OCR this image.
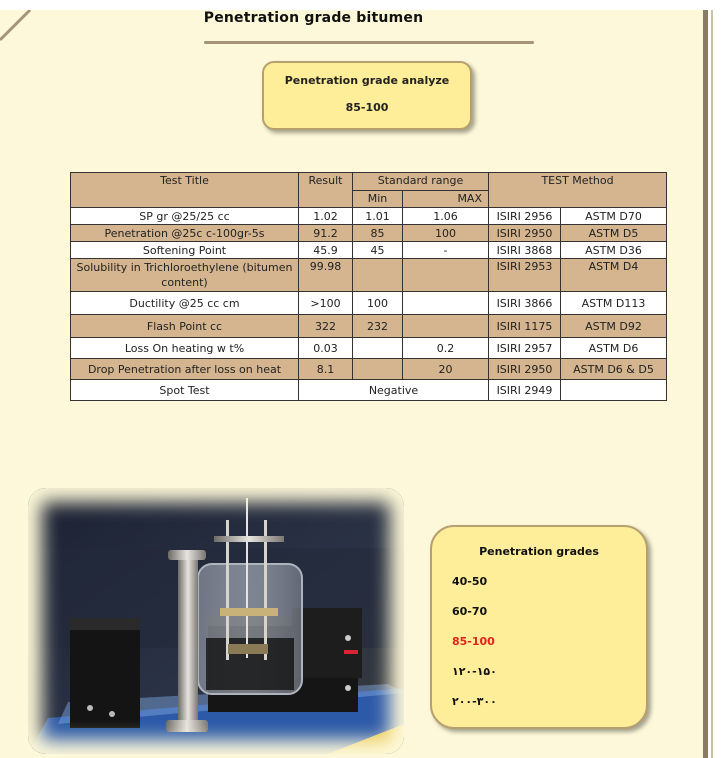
Penetration grade bitumen
Penetration grade analyze
85-100
Test Title	Result	Standard range		TEST Method	
		Min	MAX		
SP gr @25/25 cc	1.02	1.01	1.06	ISIRI 2956	ASTM D70
Penetration @25c c-100gr-5s	91.2	85	100	ISIRI 2950	ASTM D5
Softening Point	45.9	45	-	ISIRI 3868	ASTM D36
Solubility in Trichloroethylene (bitumen content)	99.98			ISIRI 2953	ASTM D4
Ductility @25 cc cm	>100	100		ISIRI 3866	ASTM D113
Flash Point cc	322	232		ISIRI 1175	ASTM D92
Loss On heating w t%	0.03		0.2	ISIRI 2957	ASTM D6
Drop Penetration after loss on heat	8.1		20	ISIRI 2950	ASTM D6 & D5
Spot Test	Negative			ISIRI 2949	
Penetration grades
40-50
60-70
85-100
۱۲۰-۱۵۰
۲۰۰-۳۰۰
